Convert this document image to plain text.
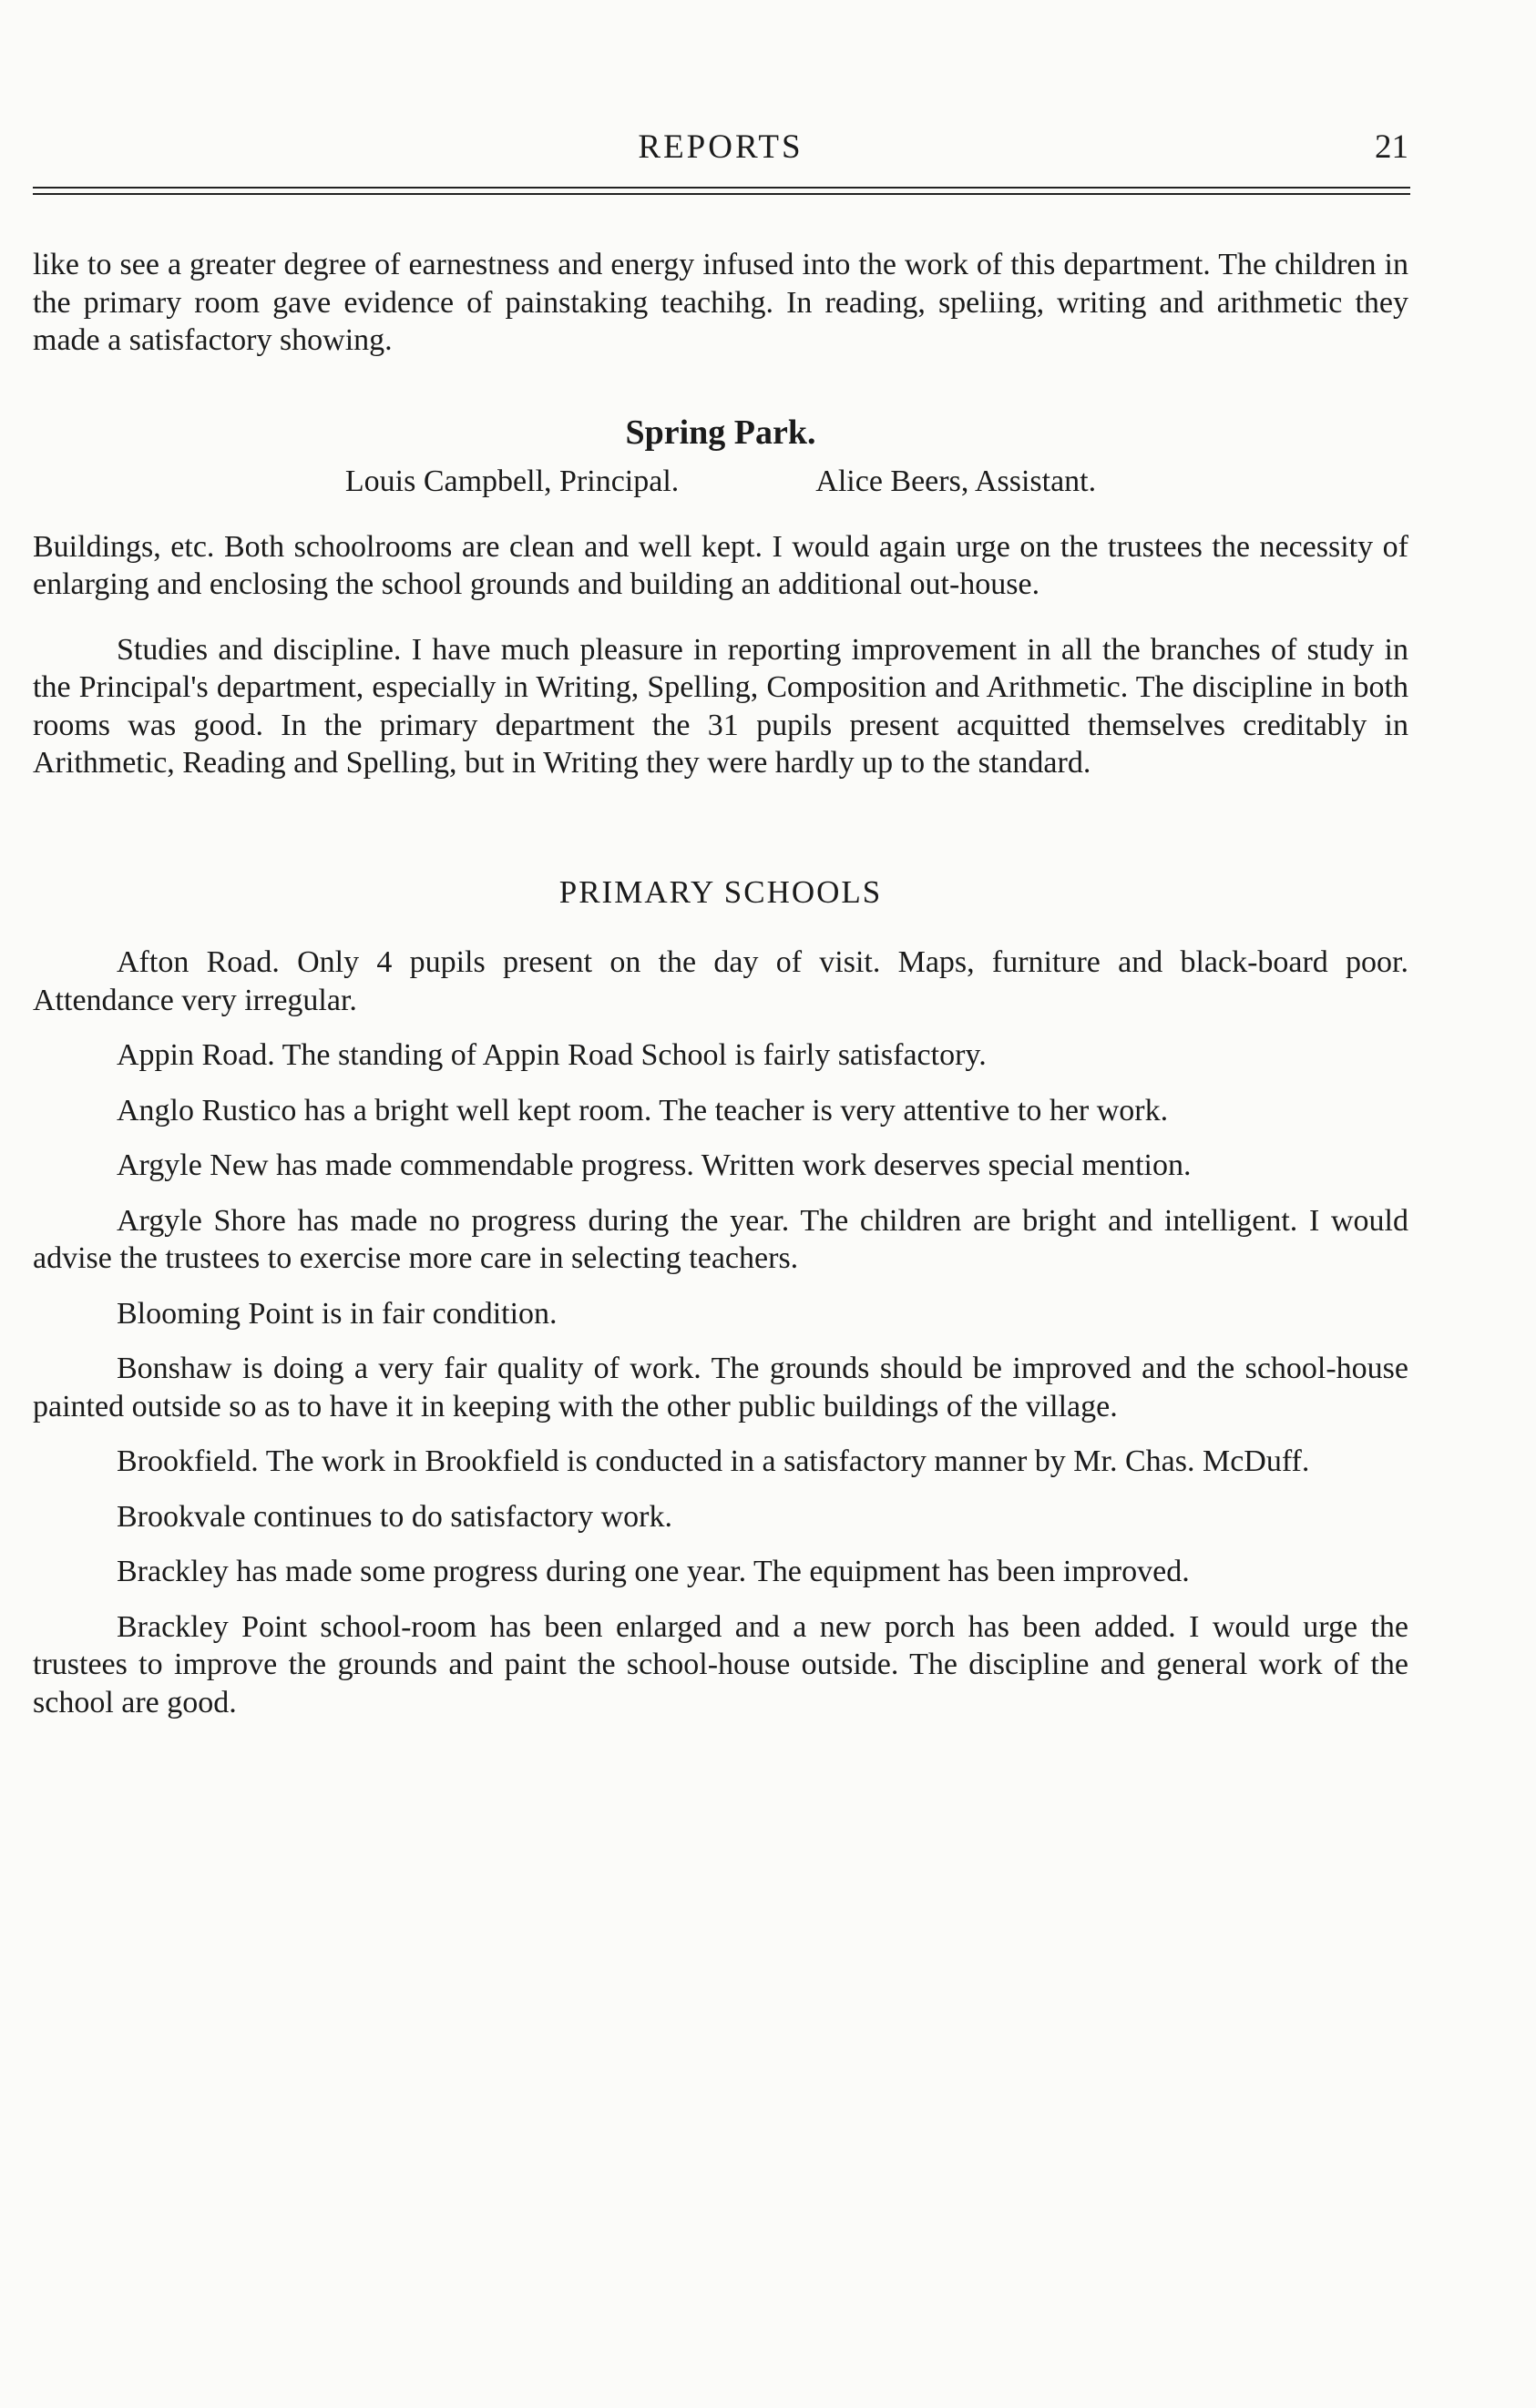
REPORTS	21

like to see a greater degree of earnestness and energy infused into the work of this department. The children in the primary room gave evidence of painstaking teachihg. In reading, speliing, writing and arithmetic they made a satisfactory showing.

Spring Park.
Louis Campbell, Principal.	Alice Beers, Assistant.

Buildings, etc. Both schoolrooms are clean and well kept. I would again urge on the trustees the necessity of enlarging and enclosing the school grounds and building an additional out-house.

Studies and discipline. I have much pleasure in reporting improvement in all the branches of study in the Principal's department, especially in Writing, Spelling, Composition and Arithmetic. The discipline in both rooms was good. In the primary department the 31 pupils present acquitted themselves creditably in Arithmetic, Reading and Spelling, but in Writing they were hardly up to the standard.

PRIMARY SCHOOLS

Afton Road. Only 4 pupils present on the day of visit. Maps, furniture and black-board poor. Attendance very irregular.

Appin Road. The standing of Appin Road School is fairly satisfactory.

Anglo Rustico has a bright well kept room. The teacher is very attentive to her work.

Argyle New has made commendable progress. Written work deserves special mention.

Argyle Shore has made no progress during the year. The children are bright and intelligent. I would advise the trustees to exercise more care in selecting teachers.

Blooming Point is in fair condition.

Bonshaw is doing a very fair quality of work. The grounds should be improved and the school-house painted outside so as to have it in keeping with the other public buildings of the village.

Brookfield. The work in Brookfield is conducted in a satisfactory manner by Mr. Chas. McDuff.

Brookvale continues to do satisfactory work.

Brackley has made some progress during one year. The equipment has been improved.

Brackley Point school-room has been enlarged and a new porch has been added. I would urge the trustees to improve the grounds and paint the school-house outside. The discipline and general work of the school are good.
